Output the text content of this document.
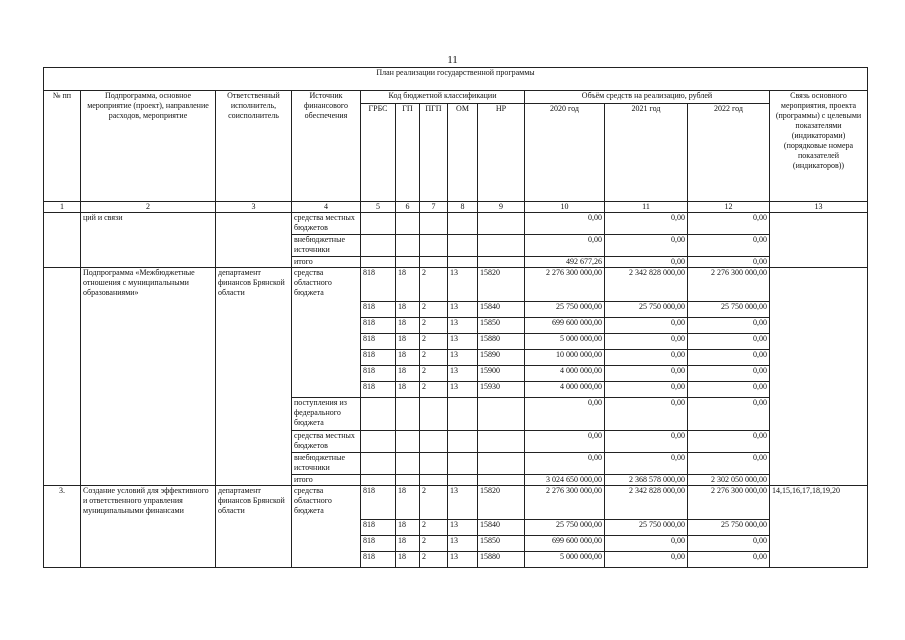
11
План реализации государственной программы												
№ пп	Подпрограмма, основное мероприятие (проект), направление расходов, мероприятие	Ответственный исполнитель, соисполнитель	Источник финансового обеспечения	Код бюджетной классификации					Объём средств на реализацию, рублей			Связь основного мероприятия, проекта (программы) с целевыми показателями (индикаторами) (порядковые номера показателей (индикаторов))
				ГРБС	ГП	ПГП	ОМ	НР	2020 год	2021 год	2022 год	
1	2	3	4	5	6	7	8	9	10	11	12	13
	ций и связи		средства местных бюджетов						0,00	0,00	0,00	
			внебюджетные источники						0,00	0,00	0,00	
			итого						492 677,26	0,00	0,00	
	Подпрограмма «Межбюджетные отношения с муниципальными образованиями»	департамент финансов Брянской области	средства областного бюджета	818	18	2	13	15820	2 276 300 000,00	2 342 828 000,00	2 276 300 000,00	
				818	18	2	13	15840	25 750 000,00	25 750 000,00	25 750 000,00	
				818	18	2	13	15850	699 600 000,00	0,00	0,00	
				818	18	2	13	15880	5 000 000,00	0,00	0,00	
				818	18	2	13	15890	10 000 000,00	0,00	0,00	
				818	18	2	13	15900	4 000 000,00	0,00	0,00	
				818	18	2	13	15930	4 000 000,00	0,00	0,00	
			поступления из федерального бюджета						0,00	0,00	0,00	
			средства местных бюджетов						0,00	0,00	0,00	
			внебюджетные источники						0,00	0,00	0,00	
			итого						3 024 650 000,00	2 368 578 000,00	2 302 050 000,00	
3.	Создание условий для эффективного и ответственного управления муниципальными финансами	департамент финансов Брянской области	средства областного бюджета	818	18	2	13	15820	2 276 300 000,00	2 342 828 000,00	2 276 300 000,00	14,15,16,17,18,19,20
				818	18	2	13	15840	25 750 000,00	25 750 000,00	25 750 000,00	
				818	18	2	13	15850	699 600 000,00	0,00	0,00	
				818	18	2	13	15880	5 000 000,00	0,00	0,00	
